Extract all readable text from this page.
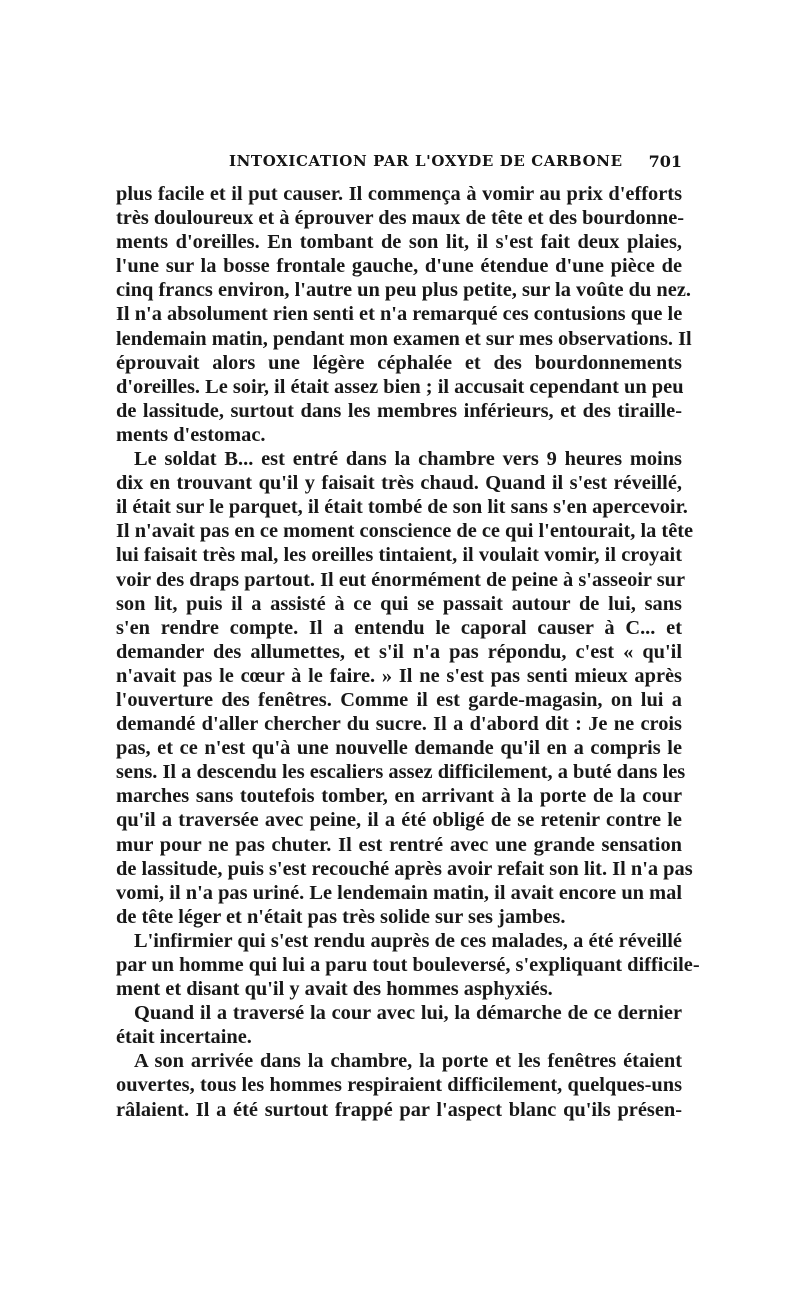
INTOXICATION PAR L'OXYDE DE CARBONE 701
plus facile et il put causer. Il commença à vomir au prix d'efforts
très douloureux et à éprouver des maux de tête et des bourdonne-
ments d'oreilles. En tombant de son lit, il s'est fait deux plaies,
l'une sur la bosse frontale gauche, d'une étendue d'une pièce de
cinq francs environ, l'autre un peu plus petite, sur la voûte du nez.
Il n'a absolument rien senti et n'a remarqué ces contusions que le
lendemain matin, pendant mon examen et sur mes observations. Il
éprouvait alors une légère céphalée et des bourdonnements
d'oreilles. Le soir, il était assez bien ; il accusait cependant un peu
de lassitude, surtout dans les membres inférieurs, et des tiraille-
ments d'estomac.
Le soldat B... est entré dans la chambre vers 9 heures moins
dix en trouvant qu'il y faisait très chaud. Quand il s'est réveillé,
il était sur le parquet, il était tombé de son lit sans s'en apercevoir.
Il n'avait pas en ce moment conscience de ce qui l'entourait, la tête
lui faisait très mal, les oreilles tintaient, il voulait vomir, il croyait
voir des draps partout. Il eut énormément de peine à s'asseoir sur
son lit, puis il a assisté à ce qui se passait autour de lui, sans
s'en rendre compte. Il a entendu le caporal causer à C... et
demander des allumettes, et s'il n'a pas répondu, c'est « qu'il
n'avait pas le cœur à le faire. » Il ne s'est pas senti mieux après
l'ouverture des fenêtres. Comme il est garde-magasin, on lui a
demandé d'aller chercher du sucre. Il a d'abord dit : Je ne crois
pas, et ce n'est qu'à une nouvelle demande qu'il en a compris le
sens. Il a descendu les escaliers assez difficilement, a buté dans les
marches sans toutefois tomber, en arrivant à la porte de la cour
qu'il a traversée avec peine, il a été obligé de se retenir contre le
mur pour ne pas chuter. Il est rentré avec une grande sensation
de lassitude, puis s'est recouché après avoir refait son lit. Il n'a pas
vomi, il n'a pas uriné. Le lendemain matin, il avait encore un mal
de tête léger et n'était pas très solide sur ses jambes.
L'infirmier qui s'est rendu auprès de ces malades, a été réveillé
par un homme qui lui a paru tout bouleversé, s'expliquant difficile-
ment et disant qu'il y avait des hommes asphyxiés.
Quand il a traversé la cour avec lui, la démarche de ce dernier
était incertaine.
A son arrivée dans la chambre, la porte et les fenêtres étaient
ouvertes, tous les hommes respiraient difficilement, quelques-uns
râlaient. Il a été surtout frappé par l'aspect blanc qu'ils présen-
